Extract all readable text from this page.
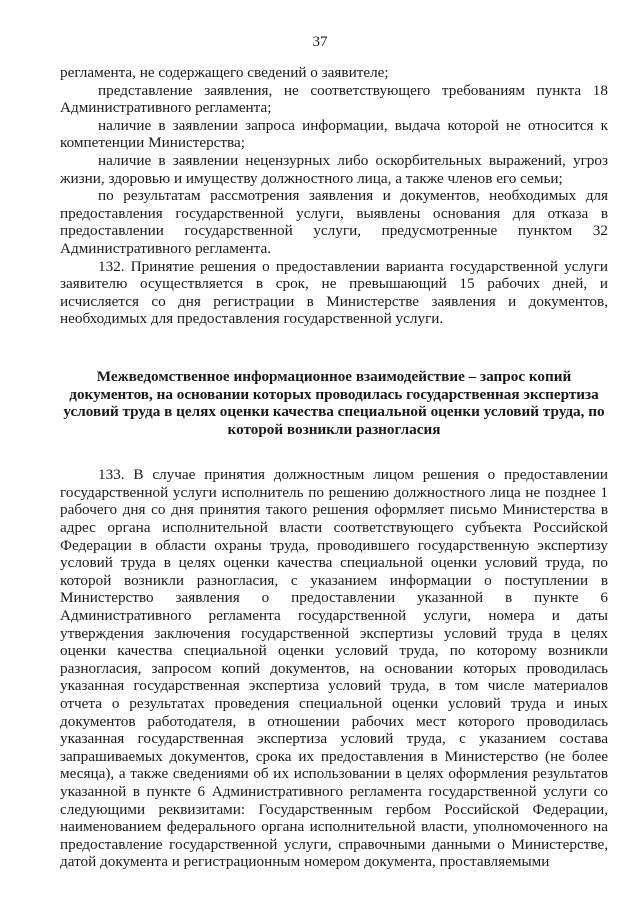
37

регламента, не содержащего сведений о заявителе;

представление заявления, не соответствующего требованиям пункта 18 Административного регламента;

наличие в заявлении запроса информации, выдача которой не относится к компетенции Министерства;

наличие в заявлении нецензурных либо оскорбительных выражений, угроз жизни, здоровью и имуществу должностного лица, а также членов его семьи;

по результатам рассмотрения заявления и документов, необходимых для предоставления государственной услуги, выявлены основания для отказа в предоставлении государственной услуги, предусмотренные пунктом 32 Административного регламента.

132. Принятие решения о предоставлении варианта государственной услуги заявителю осуществляется в срок, не превышающий 15 рабочих дней, и исчисляется со дня регистрации в Министерстве заявления и документов, необходимых для предоставления государственной услуги.

Межведомственное информационное взаимодействие – запрос копий документов, на основании которых проводилась государственная экспертиза условий труда в целях оценки качества специальной оценки условий труда, по которой возникли разногласия

133. В случае принятия должностным лицом решения о предоставлении государственной услуги исполнитель по решению должностного лица не позднее 1 рабочего дня со дня принятия такого решения оформляет письмо Министерства в адрес органа исполнительной власти соответствующего субъекта Российской Федерации в области охраны труда, проводившего государственную экспертизу условий труда в целях оценки качества специальной оценки условий труда, по которой возникли разногласия, с указанием информации о поступлении в Министерство заявления о предоставлении указанной в пункте 6 Административного регламента государственной услуги, номера и даты утверждения заключения государственной экспертизы условий труда в целях оценки качества специальной оценки условий труда, по которому возникли разногласия, запросом копий документов, на основании которых проводилась указанная государственная экспертиза условий труда, в том числе материалов отчета о результатах проведения специальной оценки условий труда и иных документов работодателя, в отношении рабочих мест которого проводилась указанная государственная экспертиза условий труда, с указанием состава запрашиваемых документов, срока их предоставления в Министерство (не более месяца), а также сведениями об их использовании в целях оформления результатов указанной в пункте 6 Административного регламента государственной услуги со следующими реквизитами: Государственным гербом Российской Федерации, наименованием федерального органа исполнительной власти, уполномоченного на предоставление государственной услуги, справочными данными о Министерстве, датой документа и регистрационным номером документа, проставляемыми
